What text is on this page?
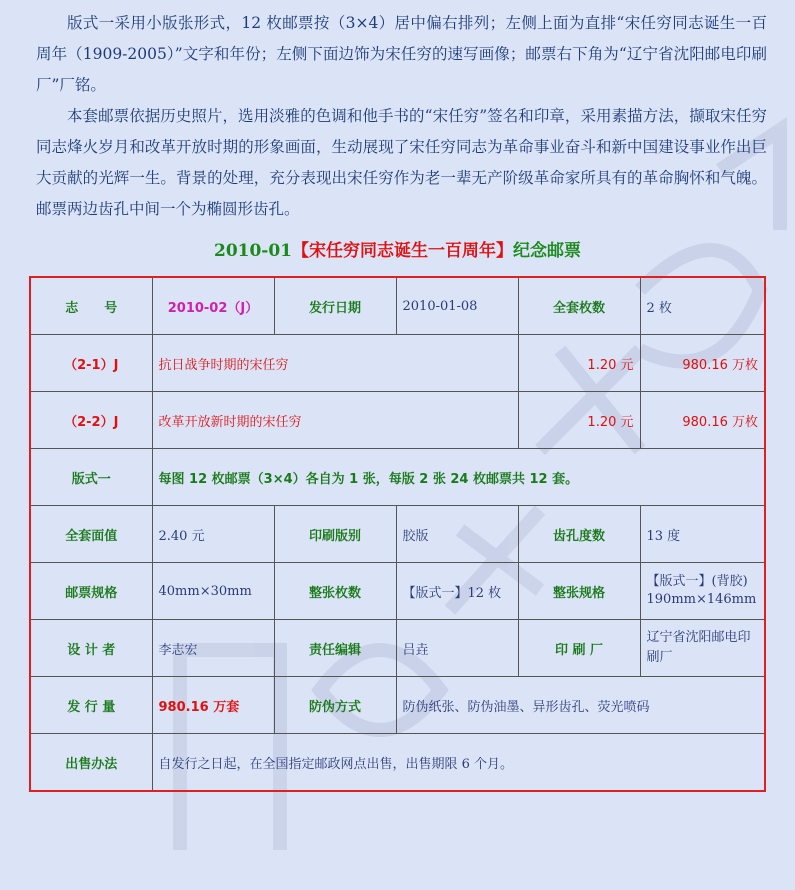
版式一采用小版张形式，12 枚邮票按（3×4）居中偏右排列；左侧上面为直排“宋任穷同志诞生一百周年（1909-2005）”文字和年份；左侧下面边饰为宋任穷的速写画像；邮票右下角为“辽宁省沈阳邮电印刷厂”厂铭。

本套邮票依据历史照片，选用淡雅的色调和他手书的“宋任穷”签名和印章，采用素描方法，撷取宋任穷同志烽火岁月和改革开放时期的形象画面，生动展现了宋任穷同志为革命事业奋斗和新中国建设事业作出巨大贡献的光辉一生。背景的处理，充分表现出宋任穷作为老一辈无产阶级革命家所具有的革命胸怀和气魄。邮票两边齿孔中间一个为椭圆形齿孔。

2010-01【宋任穷同志诞生一百周年】纪念邮票
志　　号	2010-02（J）	发行日期	2010-01-08	全套枚数	2 枚
（2-1）J	抗日战争时期的宋任穷			1.20 元	980.16 万枚
（2-2）J	改革开放新时期的宋任穷			1.20 元	980.16 万枚
版式一	每图 12 枚邮票（3×4）各自为 1 张，每版 2 张 24 枚邮票共 12 套。				
全套面值	2.40 元	印刷版别	胶版	齿孔度数	13 度
邮票规格	40mm×30mm	整张枚数	【版式一】12 枚	整张规格	【版式一】(背胶)
190mm×146mm
设 计 者	李志宏	责任编辑	吕垚	印 刷 厂	辽宁省沈阳邮电印刷厂
发 行 量	980.16 万套	防伪方式	防伪纸张、防伪油墨、异形齿孔、荧光喷码		
出售办法	自发行之日起，在全国指定邮政网点出售，出售期限 6 个月。				
